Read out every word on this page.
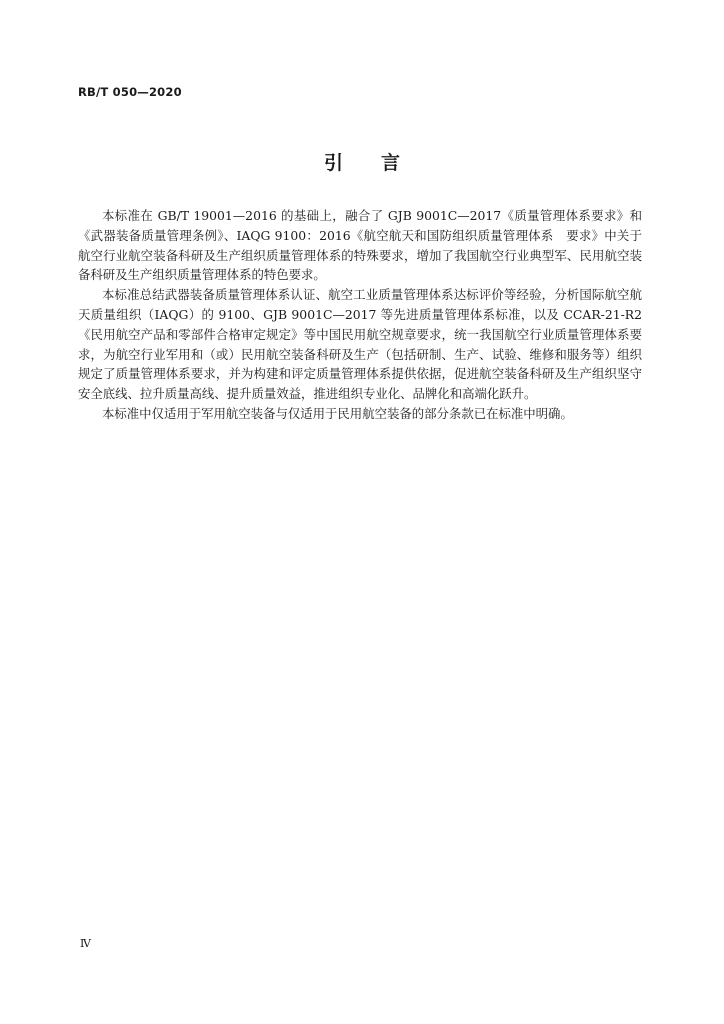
RB/T 050—2020
引言

本标准在 GB/T 19001—2016 的基础上，融合了 GJB 9001C—2017《质量管理体系要求》和《武器装备质量管理条例》、IAQG 9100：2016《航空航天和国防组织质量管理体系　要求》中关于航空行业航空装备科研及生产组织质量管理体系的特殊要求，增加了我国航空行业典型军、民用航空装备科研及生产组织质量管理体系的特色要求。

本标准总结武器装备质量管理体系认证、航空工业质量管理体系达标评价等经验，分析国际航空航天质量组织（IAQG）的 9100、GJB 9001C—2017 等先进质量管理体系标准，以及 CCAR-21-R2《民用航空产品和零部件合格审定规定》等中国民用航空规章要求，统一我国航空行业质量管理体系要求，为航空行业军用和（或）民用航空装备科研及生产（包括研制、生产、试验、维修和服务等）组织规定了质量管理体系要求，并为构建和评定质量管理体系提供依据，促进航空装备科研及生产组织坚守安全底线、拉升质量高线、提升质量效益，推进组织专业化、品牌化和高端化跃升。

本标准中仅适用于军用航空装备与仅适用于民用航空装备的部分条款已在标准中明确。

Ⅳ
